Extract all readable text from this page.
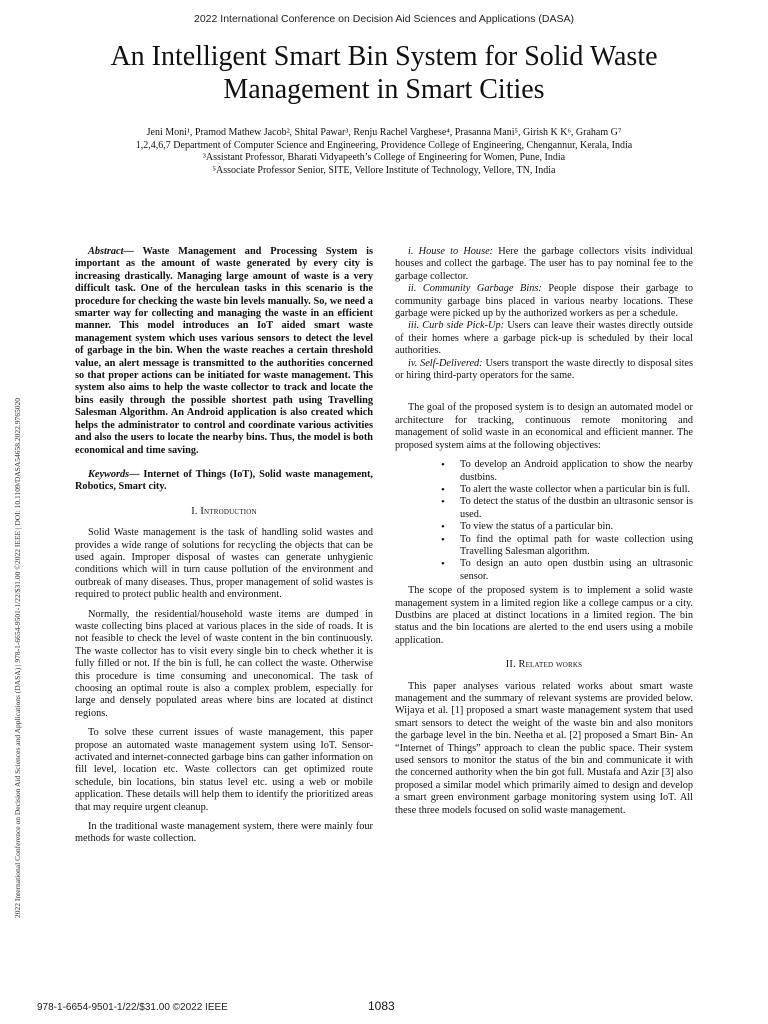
2022 International Conference on Decision Aid Sciences and Applications (DASA)
An Intelligent Smart Bin System for Solid Waste
Management in Smart Cities
Jeni Moni¹, Pramod Mathew Jacob², Shital Pawar³, Renju Rachel Varghese⁴, Prasanna Mani⁵, Girish K K⁶, Graham G⁷
1,2,4,6,7 Department of Computer Science and Engineering, Providence College of Engineering, Chengannur, Kerala, India
³Assistant Professor, Bharati Vidyapeeth’s College of Engineering for Women, Pune, India
⁵Associate Professor Senior, SITE, Vellore Institute of Technology, Vellore, TN, India
2022 International Conference on Decision Aid Sciences and Applications (DASA) | 978-1-6654-9501-1/22/$31.00 ©2022 IEEE | DOI: 10.1109/DASA54658.2022.9765020

Abstract— Waste Management and Processing System is important as the amount of waste generated by every city is increasing drastically. Managing large amount of waste is a very difficult task. One of the herculean tasks in this scenario is the procedure for checking the waste bin levels manually. So, we need a smarter way for collecting and managing the waste in an efficient manner. This model introduces an IoT aided smart waste management system which uses various sensors to detect the level of garbage in the bin. When the waste reaches a certain threshold value, an alert message is transmitted to the authorities concerned so that proper actions can be initiated for waste management. This system also aims to help the waste collector to track and locate the bins easily through the possible shortest path using Travelling Salesman Algorithm. An Android application is also created which helps the administrator to control and coordinate various activities and also the users to locate the nearby bins. Thus, the model is both economical and time saving.

Keywords— Internet of Things (IoT), Solid waste management, Robotics, Smart city.

I. Introduction

Solid Waste management is the task of handling solid wastes and provides a wide range of solutions for recycling the objects that can be used again. Improper disposal of wastes can generate unhygienic conditions which will in turn cause pollution of the environment and outbreak of many diseases. Thus, proper management of solid wastes is required to protect public health and environment.

Normally, the residential/household waste items are dumped in waste collecting bins placed at various places in the side of roads. It is not feasible to check the level of waste content in the bin continuously. The waste collector has to visit every single bin to check whether it is fully filled or not. If the bin is full, he can collect the waste. Otherwise this procedure is time consuming and uneconomical. The task of choosing an optimal route is also a complex problem, especially for large and densely populated areas where bins are located at distinct regions.

To solve these current issues of waste management, this paper propose an automated waste management system using IoT. Sensor- activated and internet-connected garbage bins can gather information on fill level, location etc. Waste collectors can get optimized route schedule, bin locations, bin status level etc. using a web or mobile application. These details will help them to identify the prioritized areas that may require urgent cleanup.

In the traditional waste management system, there were mainly four methods for waste collection.

i. House to House: Here the garbage collectors visits individual houses and collect the garbage. The user has to pay nominal fee to the garbage collector.

ii. Community Garbage Bins: People dispose their garbage to community garbage bins placed in various nearby locations. These garbage were picked up by the authorized workers as per a schedule.

iii. Curb side Pick-Up: Users can leave their wastes directly outside of their homes where a garbage pick-up is scheduled by their local authorities.

iv. Self-Delivered: Users transport the waste directly to disposal sites or hiring third-party operators for the same.

The goal of the proposed system is to design an automated model or architecture for tracking, continuous remote monitoring and management of solid waste in an economical and efficient manner. The proposed system aims at the following objectives:

• To develop an Android application to show the nearby dustbins.
• To alert the waste collector when a particular bin is full.
• To detect the status of the dustbin an ultrasonic sensor is used.
• To view the status of a particular bin.
• To find the optimal path for waste collection using Travelling Salesman algorithm.
• To design an auto open dustbin using an ultrasonic sensor.

The scope of the proposed system is to implement a solid waste management system in a limited region like a college campus or a city. Dustbins are placed at distinct locations in a limited region. The bin status and the bin locations are alerted to the end users using a mobile application.

II. Related works

This paper analyses various related works about smart waste management and the summary of relevant systems are provided below. Wijaya et al. [1] proposed a smart waste management system that used smart sensors to detect the weight of the waste bin and also monitors the garbage level in the bin. Neetha et al. [2] proposed a Smart Bin- An “Internet of Things” approach to clean the public space. Their system used sensors to monitor the status of the bin and communicate it with the concerned authority when the bin got full. Mustafa and Azir [3] also proposed a similar model which primarily aimed to design and develop a smart green environment garbage monitoring system using IoT. All these three models focused on solid waste management.

978-1-6654-9501-1/22/$31.00 ©2022 IEEE	1083
